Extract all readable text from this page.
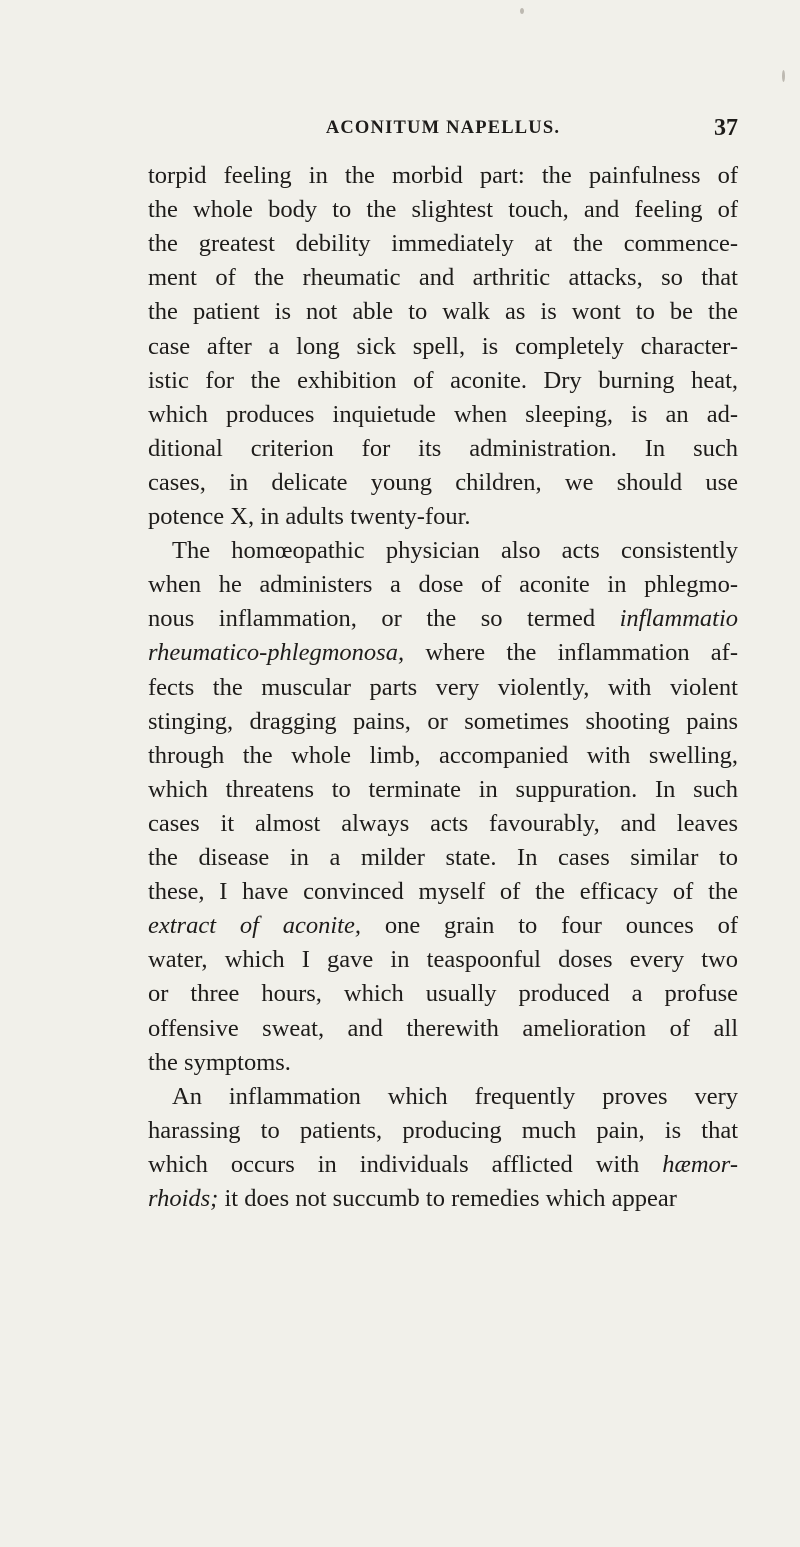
ACONITUM NAPELLUS.	37
torpid feeling in the morbid part: the painfulness of
the whole body to the slightest touch, and feeling of
the greatest debility immediately at the commence-
ment of the rheumatic and arthritic attacks, so that
the patient is not able to walk as is wont to be the
case after a long sick spell, is completely character-
istic for the exhibition of aconite. Dry burning heat,
which produces inquietude when sleeping, is an ad-
ditional criterion for its administration. In such
cases, in delicate young children, we should use
potence X, in adults twenty-four.
The homœopathic physician also acts consistently
when he administers a dose of aconite in phlegmo-
nous inflammation, or the so termed inflammatio
rheumatico-phlegmonosa, where the inflammation af-
fects the muscular parts very violently, with violent
stinging, dragging pains, or sometimes shooting pains
through the whole limb, accompanied with swelling,
which threatens to terminate in suppuration. In such
cases it almost always acts favourably, and leaves
the disease in a milder state. In cases similar to
these, I have convinced myself of the efficacy of the
extract of aconite, one grain to four ounces of
water, which I gave in teaspoonful doses every two
or three hours, which usually produced a profuse
offensive sweat, and therewith amelioration of all
the symptoms.
An inflammation which frequently proves very
harassing to patients, producing much pain, is that
which occurs in individuals afflicted with hæmor-
rhoids; it does not succumb to remedies which appear
